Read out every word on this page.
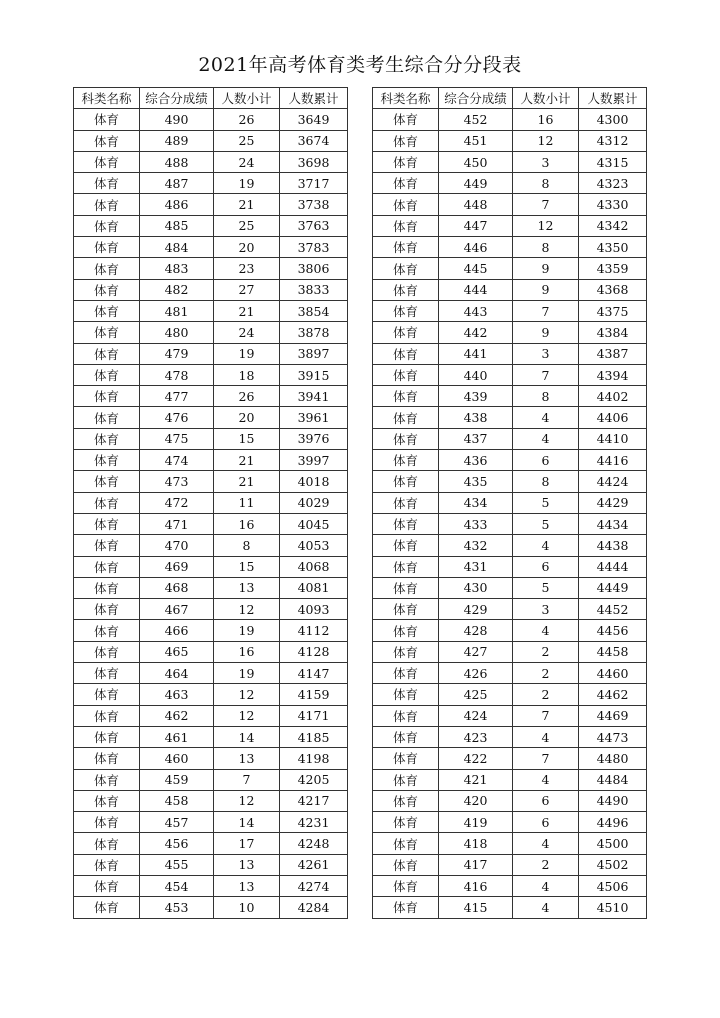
2021年高考体育类考生综合分分段表
科类名称	综合分成绩	人数小计	人数累计
体育	490	26	3649
体育	489	25	3674
体育	488	24	3698
体育	487	19	3717
体育	486	21	3738
体育	485	25	3763
体育	484	20	3783
体育	483	23	3806
体育	482	27	3833
体育	481	21	3854
体育	480	24	3878
体育	479	19	3897
体育	478	18	3915
体育	477	26	3941
体育	476	20	3961
体育	475	15	3976
体育	474	21	3997
体育	473	21	4018
体育	472	11	4029
体育	471	16	4045
体育	470	8	4053
体育	469	15	4068
体育	468	13	4081
体育	467	12	4093
体育	466	19	4112
体育	465	16	4128
体育	464	19	4147
体育	463	12	4159
体育	462	12	4171
体育	461	14	4185
体育	460	13	4198
体育	459	7	4205
体育	458	12	4217
体育	457	14	4231
体育	456	17	4248
体育	455	13	4261
体育	454	13	4274
体育	453	10	4284
科类名称	综合分成绩	人数小计	人数累计
体育	452	16	4300
体育	451	12	4312
体育	450	3	4315
体育	449	8	4323
体育	448	7	4330
体育	447	12	4342
体育	446	8	4350
体育	445	9	4359
体育	444	9	4368
体育	443	7	4375
体育	442	9	4384
体育	441	3	4387
体育	440	7	4394
体育	439	8	4402
体育	438	4	4406
体育	437	4	4410
体育	436	6	4416
体育	435	8	4424
体育	434	5	4429
体育	433	5	4434
体育	432	4	4438
体育	431	6	4444
体育	430	5	4449
体育	429	3	4452
体育	428	4	4456
体育	427	2	4458
体育	426	2	4460
体育	425	2	4462
体育	424	7	4469
体育	423	4	4473
体育	422	7	4480
体育	421	4	4484
体育	420	6	4490
体育	419	6	4496
体育	418	4	4500
体育	417	2	4502
体育	416	4	4506
体育	415	4	4510
